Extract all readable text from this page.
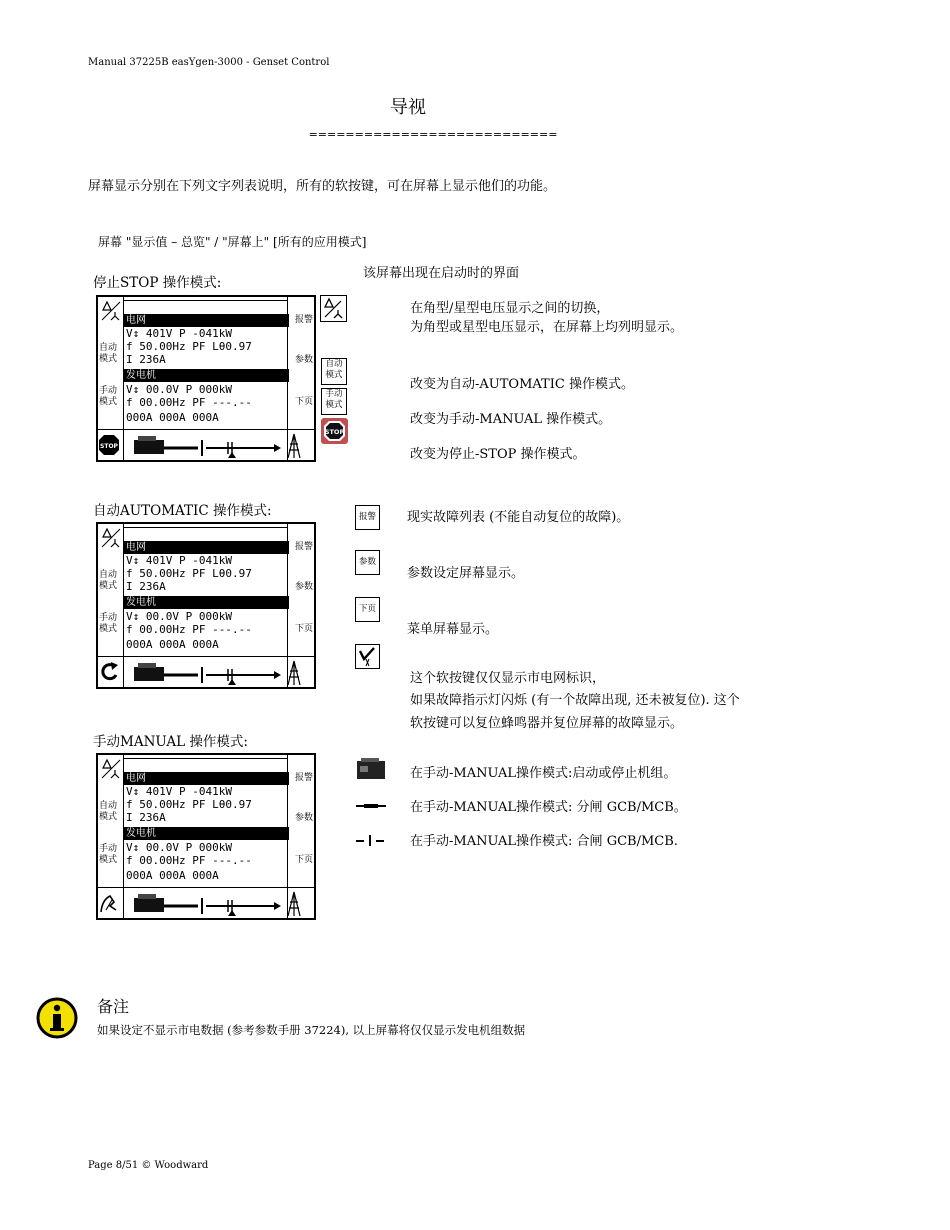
Manual 37225B easYgen-3000 - Genset Control
导视
===========================
屏幕显示分别在下列文字列表说明，所有的软按键，可在屏幕上显示他们的功能。
屏幕 "显示值 – 总览" / "屏幕上" [所有的应用模式]
该屏幕出现在启动时的界面
停止STOP 操作模式:
自动AUTOMATIC 操作模式:
手动MANUAL 操作模式:
电网
V↕ 401V P -041kW
f 50.00Hz PF Lθ0.97
I 236A
发电机
V↕ 00.0V P 000kW
f 00.00Hz PF ---.--
000A 000A 000A
自动
模式
手动
模式
报警
参数
下页
STOP
电网
V↕ 401V P -041kW
f 50.00Hz PF Lθ0.97
I 236A
发电机
V↕ 00.0V P 000kW
f 00.00Hz PF ---.--
000A 000A 000A
自动
模式
手动
模式
报警
参数
下页
电网
V↕ 401V P -041kW
f 50.00Hz PF Lθ0.97
I 236A
发电机
V↕ 00.0V P 000kW
f 00.00Hz PF ---.--
000A 000A 000A
自动
模式
手动
模式
报警
参数
下页
自动
模式
手动
模式
STOP
报警
参数
下页
在角型/星型电压显示之间的切换，
为角型或星型电压显示，在屏幕上均列明显示。
改变为自动-AUTOMATIC 操作模式。
改变为手动-MANUAL 操作模式。
改变为停止-STOP 操作模式。
现实故障列表 (不能自动复位的故障)。
参数设定屏幕显示。
菜单屏幕显示。
这个软按键仅仅显示市电网标识，
如果故障指示灯闪烁 (有一个故障出现, 还未被复位). 这个
软按键可以复位蜂鸣器并复位屏幕的故障显示。
在手动-MANUAL操作模式:启动或停止机组。
在手动-MANUAL操作模式: 分闸 GCB/MCB。
在手动-MANUAL操作模式: 合闸 GCB/MCB.
备注
如果设定不显示市电数据 (参考参数手册 37224), 以上屏幕将仅仅显示发电机组数据
Page 8/51 © Woodward
